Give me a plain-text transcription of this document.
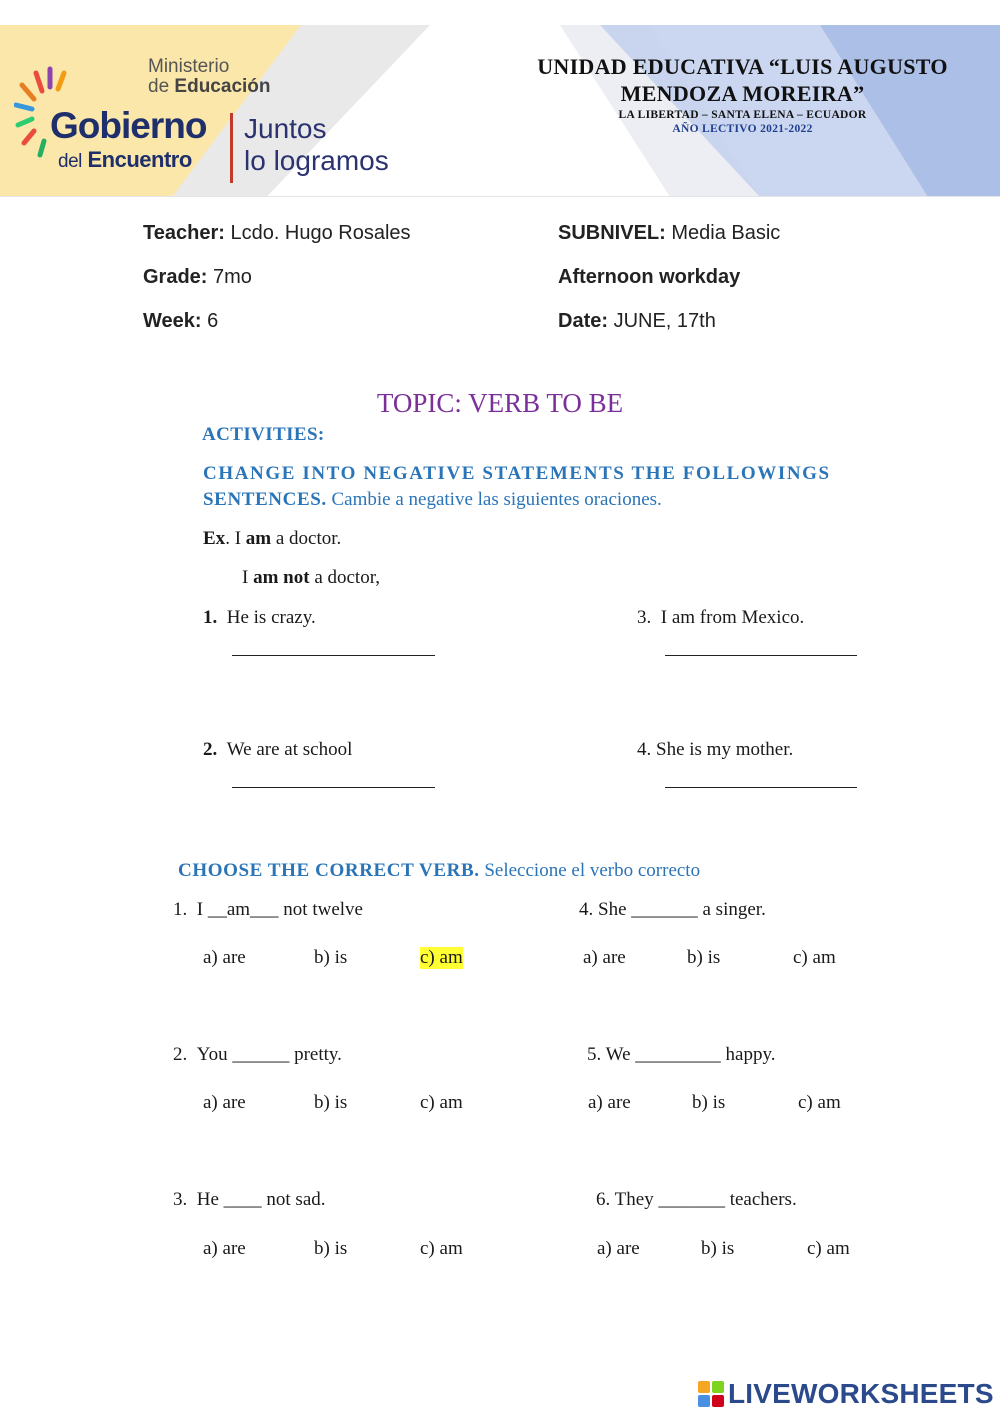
Ministerio
de Educación
Gobierno
del Encuentro
Juntos
lo logramos
UNIDAD EDUCATIVA “LUIS AUGUSTO
MENDOZA MOREIRA”
LA LIBERTAD – SANTA ELENA – ECUADOR
AÑO LECTIVO 2021-2022
Teacher: Lcdo. Hugo Rosales
Grade: 7mo
Week: 6
SUBNIVEL: Media Basic
Afternoon workday
Date: JUNE, 17th
TOPIC: VERB TO BE
ACTIVITIES:
CHANGE INTO NEGATIVE STATEMENTS THE FOLLOWINGS
SENTENCES. Cambie a negative las siguientes oraciones.
Ex. I am a doctor.
I am not a doctor,
1. He is crazy.	3. I am from Mexico.
2. We are at school	4. She is my mother.
CHOOSE THE CORRECT VERB. Seleccione el verbo correcto
1. I __am___ not twelve
a) are	b) is	c) am
4. She _______ a singer.
a) are	b) is	c) am
2. You ______ pretty.
a) are	b) is	c) am
5. We _________ happy.
a) are	b) is	c) am
3. He ____ not sad.
a) are	b) is	c) am
6. They _______ teachers.
a) are	b) is	c) am
LIVEWORKSHEETS
